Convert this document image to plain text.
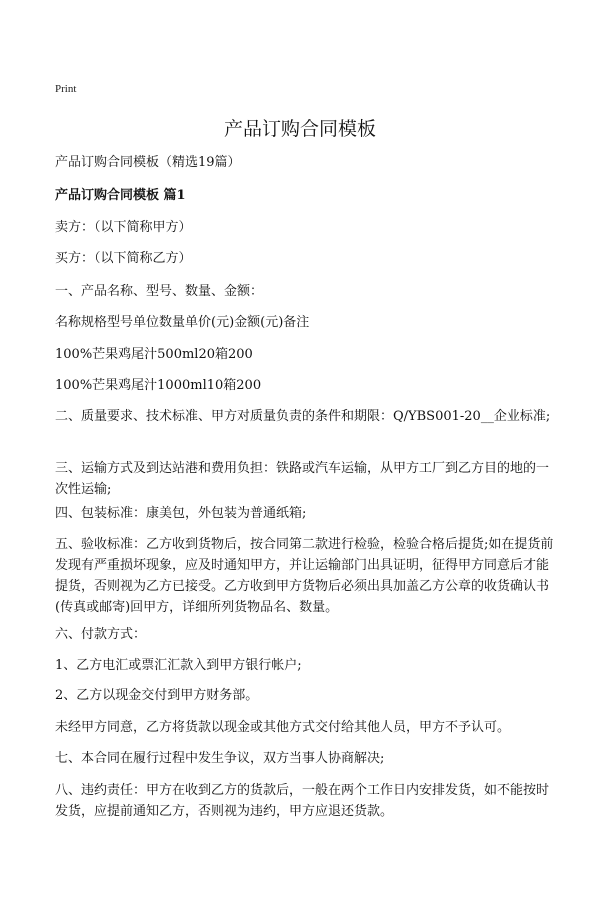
Print
产品订购合同模板

产品订购合同模板（精选19篇）

产品订购合同模板 篇1

卖方：（以下简称甲方）

买方：（以下简称乙方）

一、产品名称、型号、数量、金额：

名称规格型号单位数量单价(元)金额(元)备注

100%芒果鸡尾汁500ml20箱200

100%芒果鸡尾汁1000ml10箱200

二、质量要求、技术标准、甲方对质量负责的条件和期限：Q/YBS001-20__企业标准;

三、运输方式及到达站港和费用负担：铁路或汽车运输，从甲方工厂到乙方目的地的一次性运输;

四、包装标准：康美包，外包装为普通纸箱;

五、验收标准：乙方收到货物后，按合同第二款进行检验，检验合格后提货;如在提货前发现有严重损坏现象，应及时通知甲方，并让运输部门出具证明，征得甲方同意后才能提货，否则视为乙方已接受。乙方收到甲方货物后必须出具加盖乙方公章的收货确认书(传真或邮寄)回甲方，详细所列货物品名、数量。

六、付款方式：

1、乙方电汇或票汇汇款入到甲方银行帐户;

2、乙方以现金交付到甲方财务部。

未经甲方同意，乙方将货款以现金或其他方式交付给其他人员，甲方不予认可。

七、本合同在履行过程中发生争议，双方当事人协商解决;

八、违约责任：甲方在收到乙方的货款后，一般在两个工作日内安排发货，如不能按时发货，应提前通知乙方，否则视为违约，甲方应退还货款。
